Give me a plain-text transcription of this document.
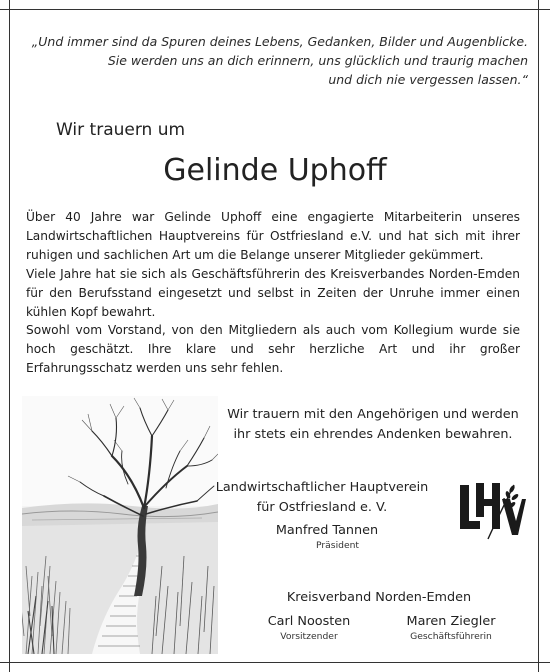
„Und immer sind da Spuren deines Lebens, Gedanken, Bilder und Augenblicke.
Sie werden uns an dich erinnern, uns glücklich und traurig machen
und dich nie vergessen lassen.“
Wir trauern um
Gelinde Uphoff

Über 40 Jahre war Gelinde Uphoff eine engagierte Mitarbeiterin unseres Landwirtschaftlichen Hauptvereins für Ostfriesland e.V. und hat sich mit ihrer ruhigen und sachlichen Art um die Belange unserer Mitglieder gekümmert.

Viele Jahre hat sie sich als Geschäftsführerin des Kreisverbandes Norden-Emden für den Berufsstand eingesetzt und selbst in Zeiten der Unruhe immer einen kühlen Kopf bewahrt.

Sowohl vom Vorstand, von den Mitgliedern als auch vom Kollegium wurde sie hoch geschätzt. Ihre klare und sehr herzliche Art und ihr großer Erfahrungsschatz werden uns sehr fehlen.

Wir trauern mit den Angehörigen und werden
ihr stets ein ehrendes Andenken bewahren.
Landwirtschaftlicher Hauptverein
für Ostfriesland e. V.
Manfred Tannen
Präsident
Kreisverband Norden-Emden
Carl Noosten
Vorsitzender
Maren Ziegler
Geschäftsführerin
